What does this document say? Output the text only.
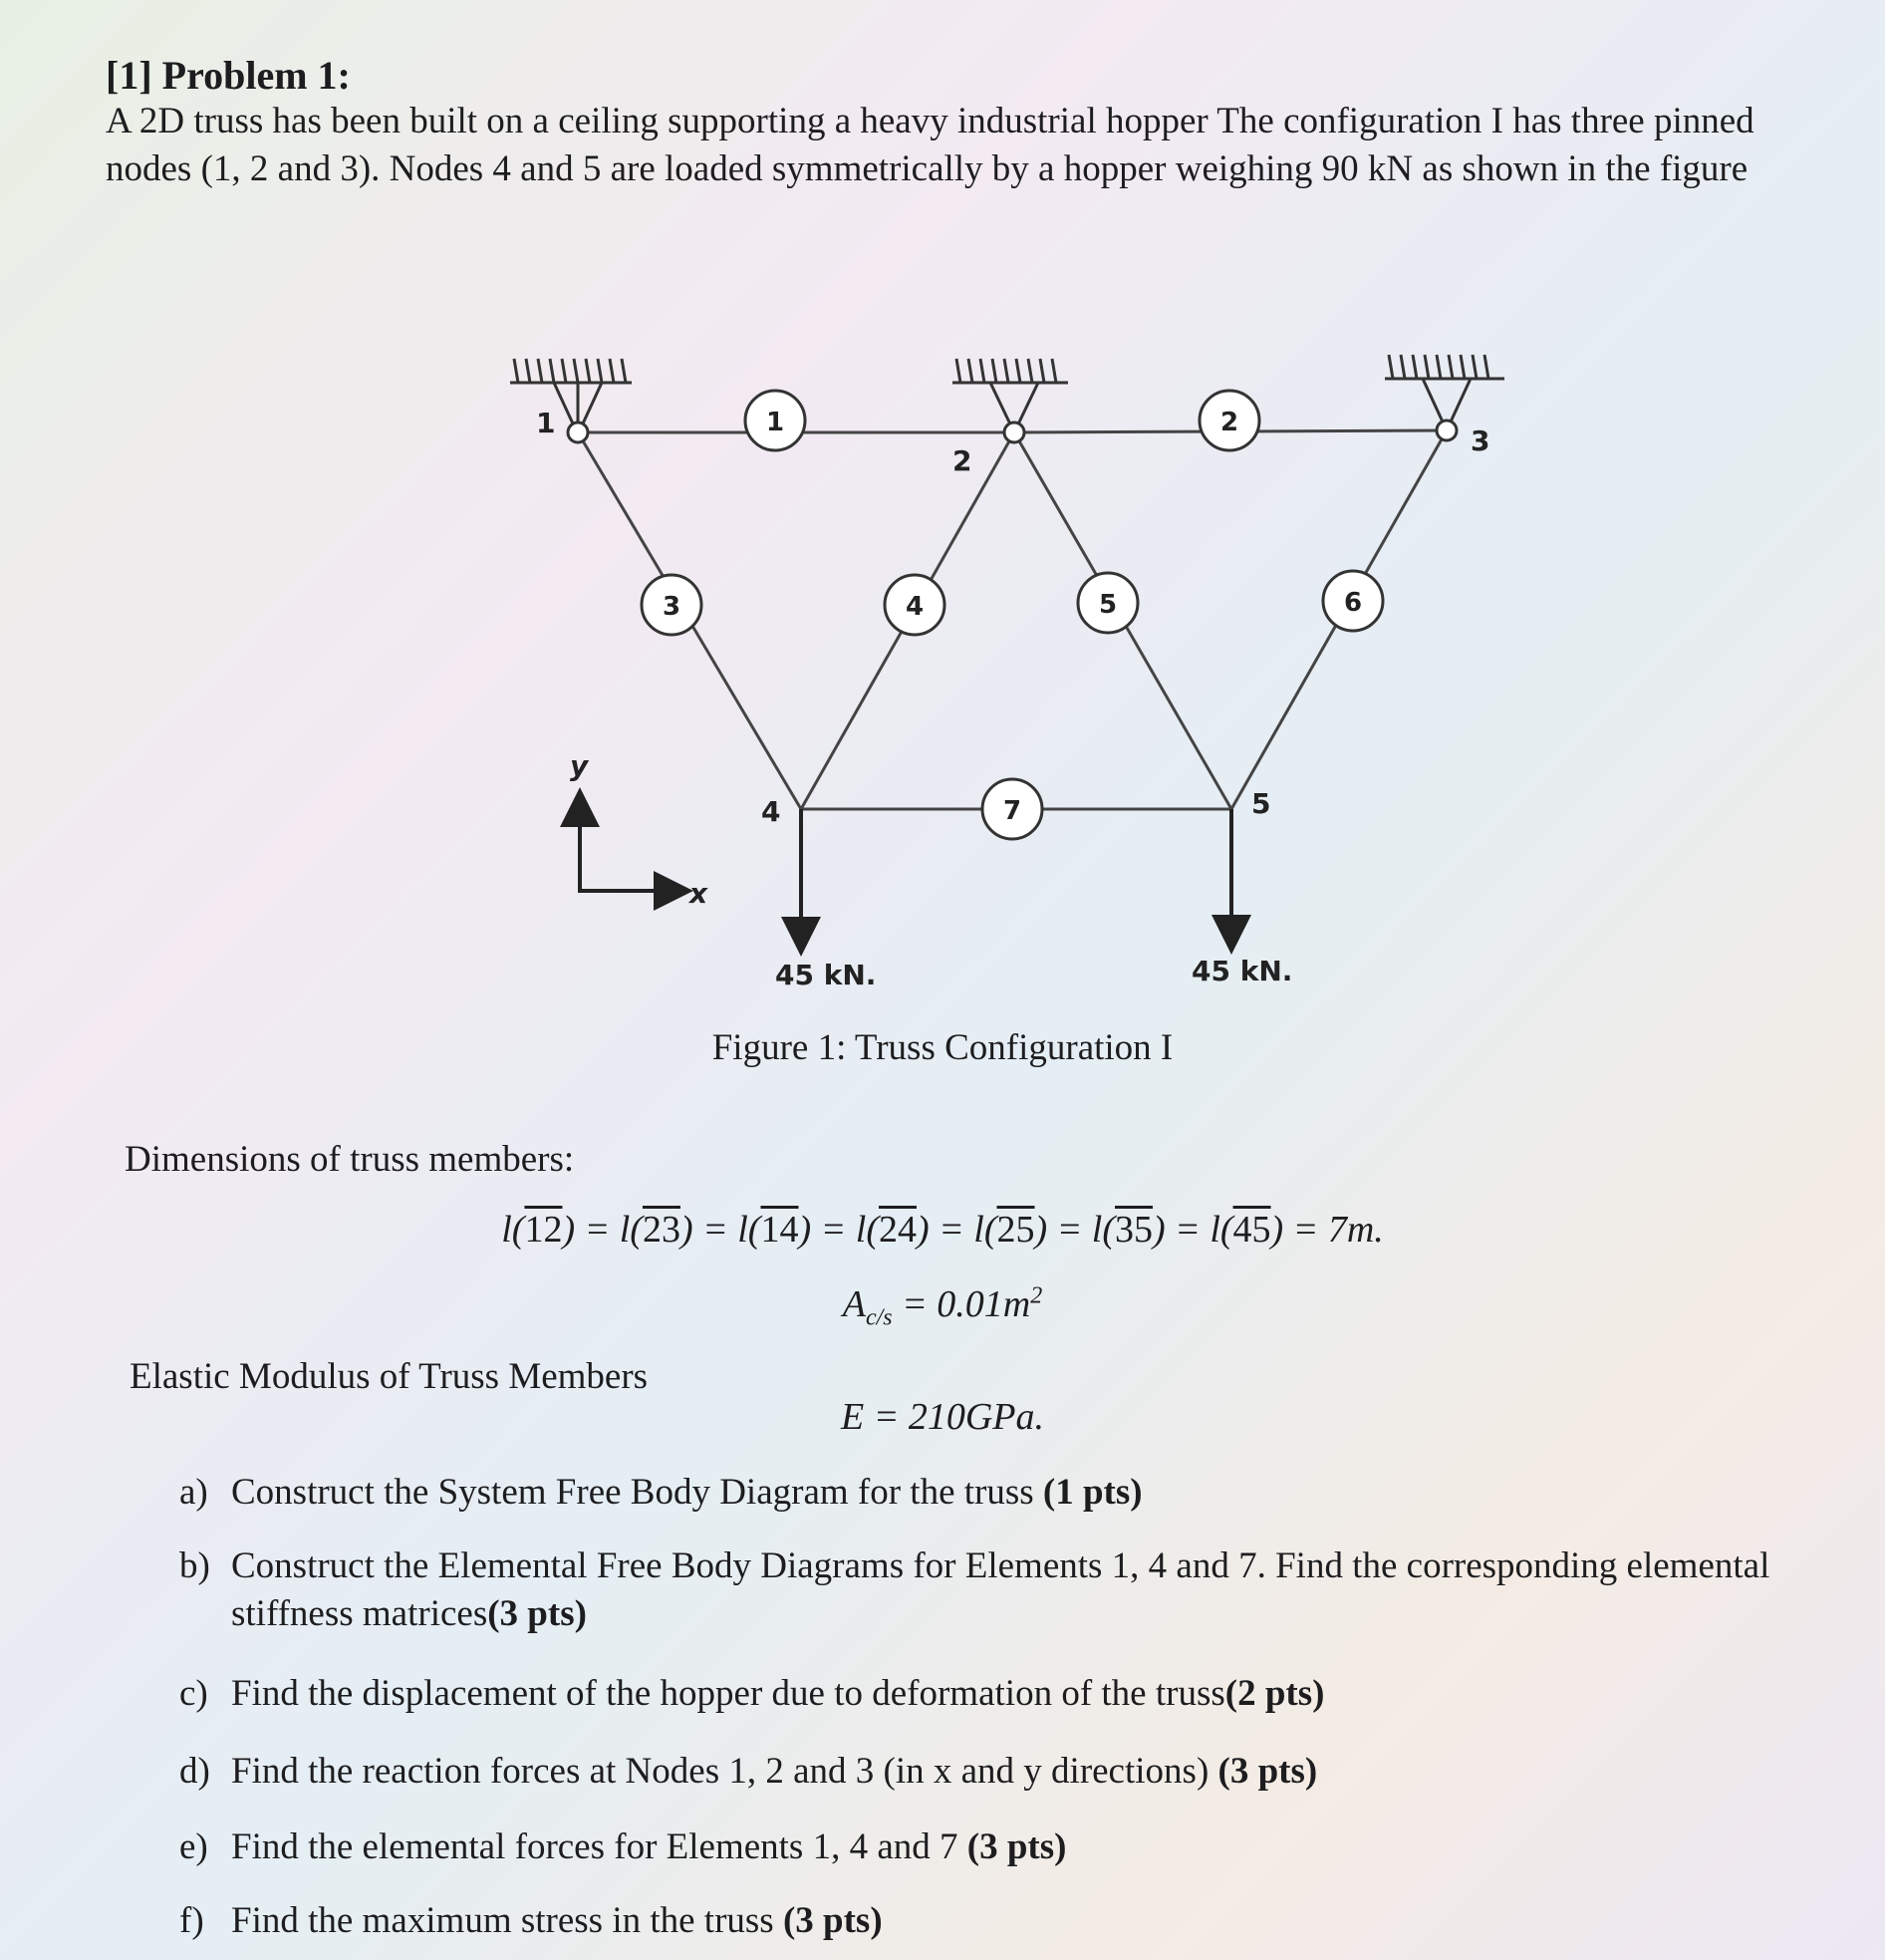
[1] Problem 1:
A 2D truss has been built on a ceiling supporting a heavy industrial hopper The configuration I has three pinned
nodes (1, 2 and 3). Nodes 4 and 5 are loaded symmetrically by a hopper weighing 90 kN as shown in the figure
1
2
3
4	5
1	2
3	4	5	6
7
45 kN.	45 kN.
y
x
Figure 1: Truss Configuration I
Dimensions of truss members:
l(12) = l(23) = l(14) = l(24) = l(25) = l(35) = l(45) = 7m.
$A_{c/s} = 0.01m^2$
Elastic Modulus of Truss Members
E = 210GPa.
a) Construct the System Free Body Diagram for the truss (1 pts)
b) Construct the Elemental Free Body Diagrams for Elements 1, 4 and 7. Find the corresponding elemental
stiffness matrices(3 pts)
c) Find the displacement of the hopper due to deformation of the truss(2 pts)
d) Find the reaction forces at Nodes 1, 2 and 3 (in x and y directions) (3 pts)
e) Find the elemental forces for Elements 1, 4 and 7 (3 pts)
f) Find the maximum stress in the truss (3 pts)
